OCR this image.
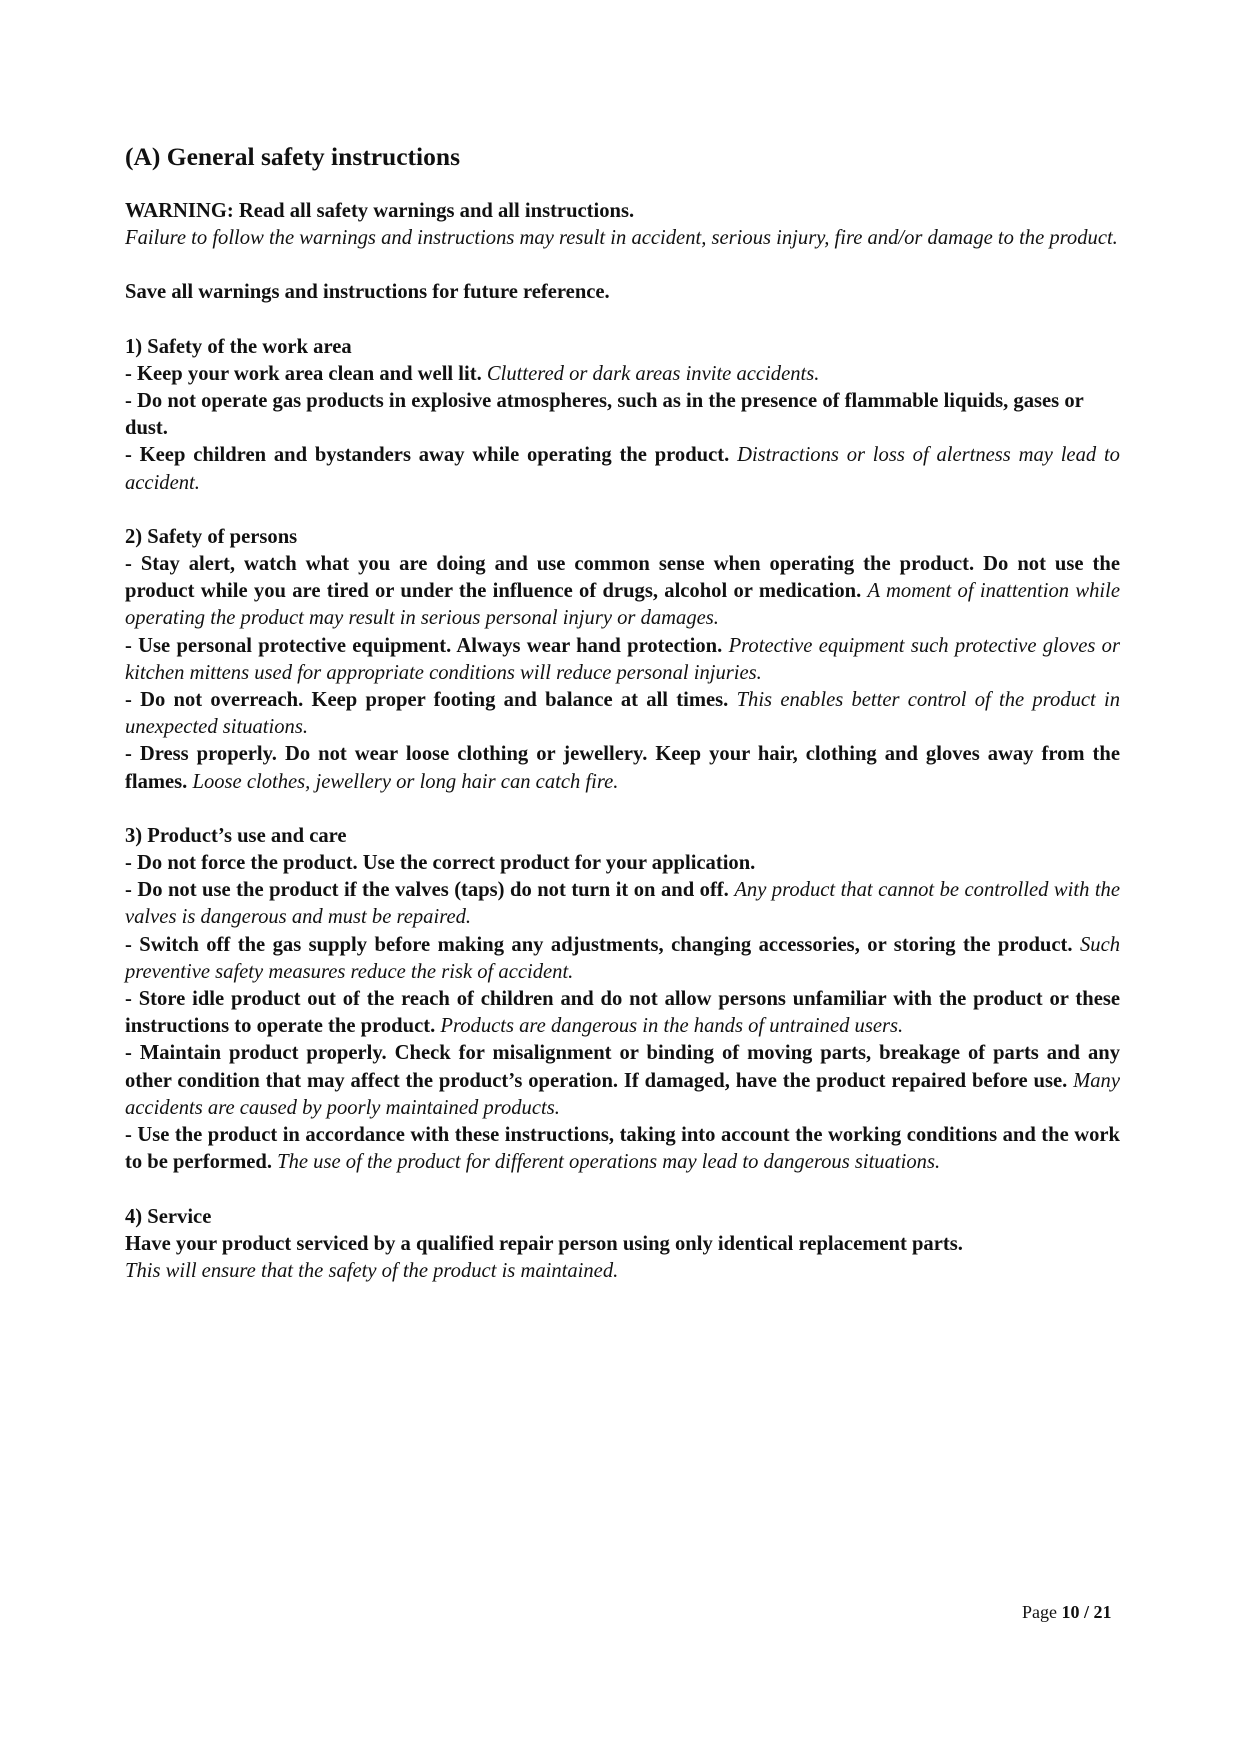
(A) General safety instructions

WARNING: Read all safety warnings and all instructions.

Failure to follow the warnings and instructions may result in accident, serious injury, fire and/or damage to the product.

Save all warnings and instructions for future reference.

1) Safety of the work area

- Keep your work area clean and well lit. Cluttered or dark areas invite accidents.

- Do not operate gas products in explosive atmospheres, such as in the presence of flammable liquids, gases or dust.

- Keep children and bystanders away while operating the product. Distractions or loss of alertness may lead to accident.

2) Safety of persons

- Stay alert, watch what you are doing and use common sense when operating the product. Do not use the product while you are tired or under the influence of drugs, alcohol or medication. A moment of inattention while operating the product may result in serious personal injury or damages.

- Use personal protective equipment. Always wear hand protection. Protective equipment such protective gloves or kitchen mittens used for appropriate conditions will reduce personal injuries.

- Do not overreach. Keep proper footing and balance at all times. This enables better control of the product in unexpected situations.

- Dress properly. Do not wear loose clothing or jewellery. Keep your hair, clothing and gloves away from the flames. Loose clothes, jewellery or long hair can catch fire.

3) Product’s use and care

- Do not force the product. Use the correct product for your application.

- Do not use the product if the valves (taps) do not turn it on and off. Any product that cannot be controlled with the valves is dangerous and must be repaired.

- Switch off the gas supply before making any adjustments, changing accessories, or storing the product. Such preventive safety measures reduce the risk of accident.

- Store idle product out of the reach of children and do not allow persons unfamiliar with the product or these instructions to operate the product. Products are dangerous in the hands of untrained users.

- Maintain product properly. Check for misalignment or binding of moving parts, breakage of parts and any other condition that may affect the product’s operation. If damaged, have the product repaired before use. Many accidents are caused by poorly maintained products.

- Use the product in accordance with these instructions, taking into account the working conditions and the work to be performed. The use of the product for different operations may lead to dangerous situations.

4) Service

Have your product serviced by a qualified repair person using only identical replacement parts.

This will ensure that the safety of the product is maintained.

Page 10 / 21
